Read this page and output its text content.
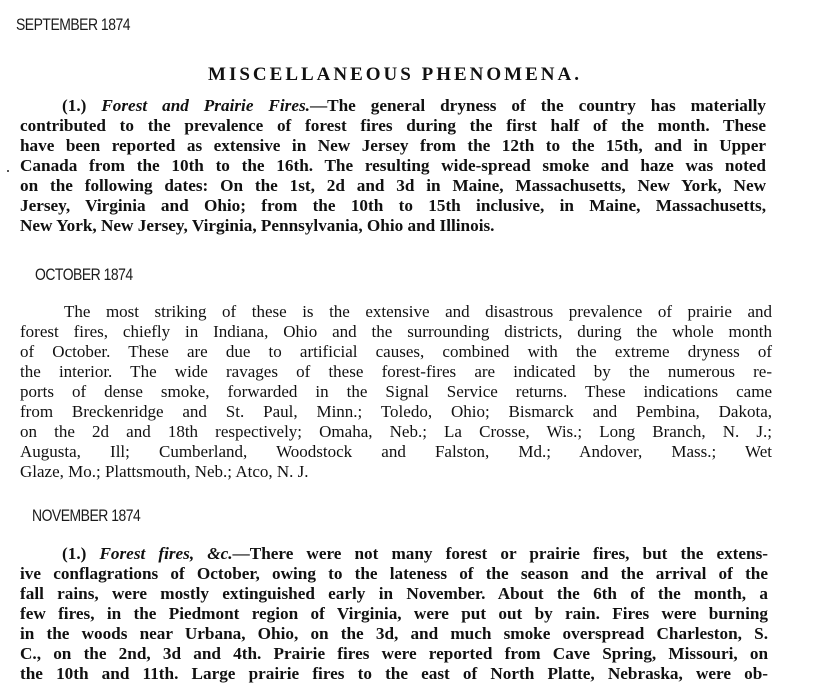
SEPTEMBER 1874
MISCELLANEOUS PHENOMENA.
(1.) Forest and Prairie Fires.—The general dryness of the country has materially
contributed to the prevalence of forest fires during the first half of the month. These
have been reported as extensive in New Jersey from the 12th to the 15th, and in Upper
Canada from the 10th to the 16th. The resulting wide-spread smoke and haze was noted
on the following dates: On the 1st, 2d and 3d in Maine, Massachusetts, New York, New
Jersey, Virginia and Ohio; from the 10th to 15th inclusive, in Maine, Massachusetts,
New York, New Jersey, Virginia, Pennsylvania, Ohio and Illinois.
OCTOBER 1874
The most striking of these is the extensive and disastrous prevalence of prairie and
forest fires, chiefly in Indiana, Ohio and the surrounding districts, during the whole month
of October. These are due to artificial causes, combined with the extreme dryness of
the interior. The wide ravages of these forest-fires are indicated by the numerous re-
ports of dense smoke, forwarded in the Signal Service returns. These indications came
from Breckenridge and St. Paul, Minn.; Toledo, Ohio; Bismarck and Pembina, Dakota,
on the 2d and 18th respectively; Omaha, Neb.; La Crosse, Wis.; Long Branch, N. J.;
Augusta, Ill; Cumberland, Woodstock and Falston, Md.; Andover, Mass.; Wet
Glaze, Mo.; Plattsmouth, Neb.; Atco, N. J.
NOVEMBER 1874
(1.) Forest fires, &c.—There were not many forest or prairie fires, but the extens-
ive conflagrations of October, owing to the lateness of the season and the arrival of the
fall rains, were mostly extinguished early in November. About the 6th of the month, a
few fires, in the Piedmont region of Virginia, were put out by rain. Fires were burning
in the woods near Urbana, Ohio, on the 3d, and much smoke overspread Charleston, S.
C., on the 2nd, 3d and 4th. Prairie fires were reported from Cave Spring, Missouri, on
the 10th and 11th. Large prairie fires to the east of North Platte, Nebraska, were ob-
